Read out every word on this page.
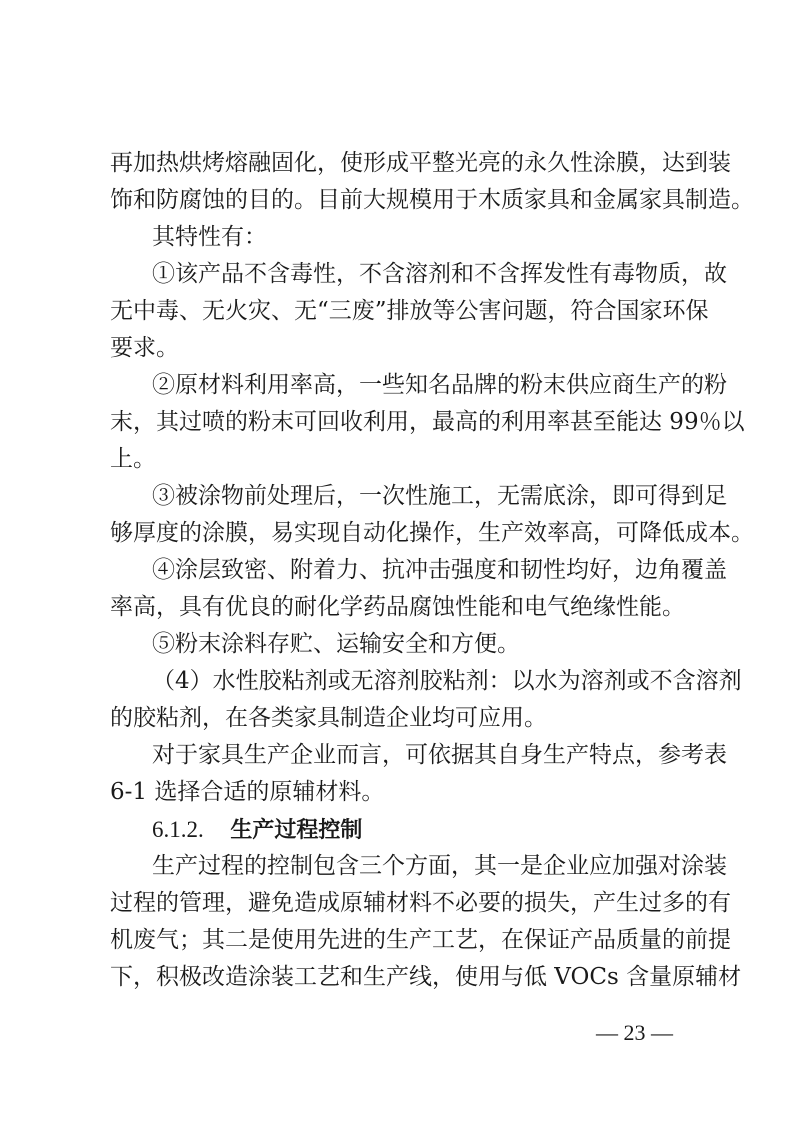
再加热烘烤熔融固化，使形成平整光亮的永久性涂膜，达到装

饰和防腐蚀的目的。目前大规模用于木质家具和金属家具制造。

其特性有：

①该产品不含毒性，不含溶剂和不含挥发性有毒物质，故

无中毒、无火灾、无“三废”排放等公害问题，符合国家环保

要求。

②原材料利用率高，一些知名品牌的粉末供应商生产的粉

末，其过喷的粉末可回收利用，最高的利用率甚至能达 99％以

上。

③被涂物前处理后，一次性施工，无需底涂，即可得到足

够厚度的涂膜，易实现自动化操作，生产效率高，可降低成本。

④涂层致密、附着力、抗冲击强度和韧性均好，边角覆盖

率高，具有优良的耐化学药品腐蚀性能和电气绝缘性能。

⑤粉末涂料存贮、运输安全和方便。

（4）水性胶粘剂或无溶剂胶粘剂：以水为溶剂或不含溶剂

的胶粘剂，在各类家具制造企业均可应用。

对于家具生产企业而言，可依据其自身生产特点，参考表

6-1 选择合适的原辅材料。

6.1.2. 生产过程控制

生产过程的控制包含三个方面，其一是企业应加强对涂装

过程的管理，避免造成原辅材料不必要的损失，产生过多的有

机废气；其二是使用先进的生产工艺，在保证产品质量的前提

下，积极改造涂装工艺和生产线，使用与低 VOCs 含量原辅材

— 23 —
